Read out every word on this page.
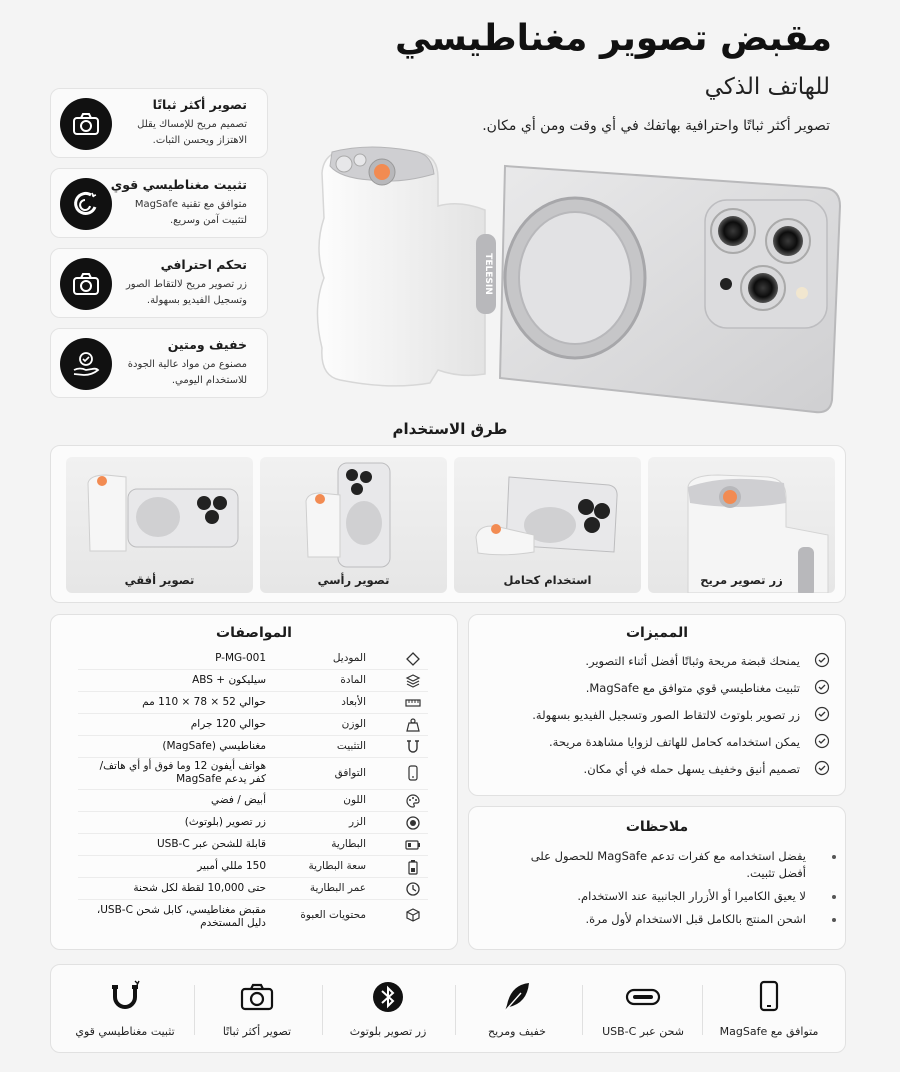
مقبض تصوير مغناطيسي
للهاتف الذكي
تصوير أكثر ثباتًا واحترافية بهاتفك في أي وقت ومن أي مكان.
تصوير أكثر ثباتًا
تصميم مريح للإمساك يقلل الاهتزاز ويحسن الثبات.
تثبيت مغناطيسي قوي
متوافق مع تقنية MagSafe لتثبيت آمن وسريع.
تحكم احترافي
زر تصوير مريح لالتقاط الصور وتسجيل الفيديو بسهولة.
خفيف ومتين
مصنوع من مواد عالية الجودة للاستخدام اليومي.
TELESIN
طرق الاستخدام
زر تصوير مريح
استخدام كحامل
تصوير رأسي
تصوير أفقي
المواصفات
الموديل
P-MG-001
المادة
سيليكون + ABS
الأبعاد
حوالي 52 × 78 × 110 مم
الوزن
حوالي 120 جرام
التثبيت
مغناطيسي (MagSafe)
التوافق
هواتف أيفون 12 وما فوق أو أي هاتف/كفر يدعم MagSafe
اللون
أبيض / فضي
الزر
زر تصوير (بلوتوث)
البطارية
قابلة للشحن عبر USB-C
سعة البطارية
150 مللي أمبير
عمر البطارية
حتى 10,000 لقطة لكل شحنة
محتويات العبوة
مقبض مغناطيسي، كابل شحن USB-C، دليل المستخدم
المميزات
يمنحك قبضة مريحة وثباتًا أفضل أثناء التصوير.
تثبيت مغناطيسي قوي متوافق مع MagSafe.
زر تصوير بلوتوث لالتقاط الصور وتسجيل الفيديو بسهولة.
يمكن استخدامه كحامل للهاتف لزوايا مشاهدة مريحة.
تصميم أنيق وخفيف يسهل حمله في أي مكان.
ملاحظات
يفضل استخدامه مع كفرات تدعم MagSafe للحصول على أفضل تثبيت.
لا يعيق الكاميرا أو الأزرار الجانبية عند الاستخدام.
اشحن المنتج بالكامل قبل الاستخدام لأول مرة.
متوافق مع MagSafe
شحن عبر USB-C
خفيف ومريح
زر تصوير بلوتوث
تصوير أكثر ثباتًا
تثبيت مغناطيسي قوي
